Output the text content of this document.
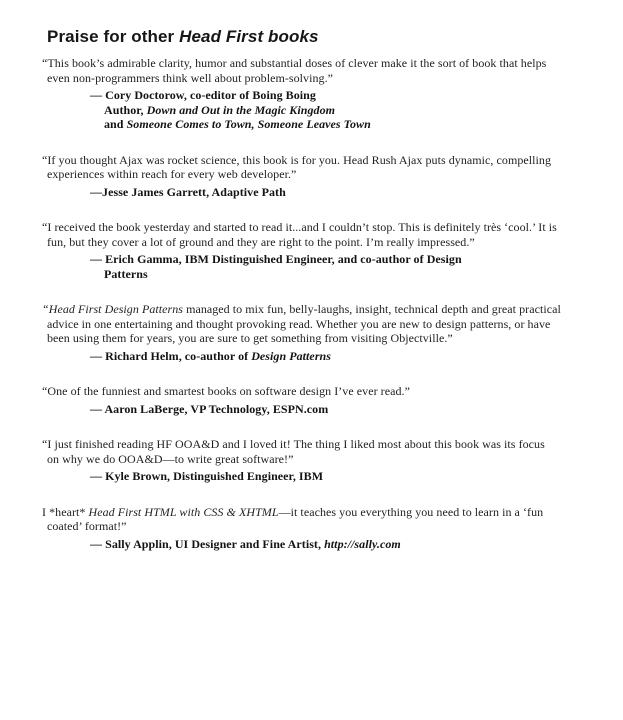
Praise for other Head First books
“This book’s admirable clarity, humor and substantial doses of clever make it the sort of book that helps
even non-programmers think well about problem-solving.”
— Cory Doctorow, co-editor of Boing Boing
Author, Down and Out in the Magic Kingdom
and Someone Comes to Town, Someone Leaves Town
“If you thought Ajax was rocket science, this book is for you. Head Rush Ajax puts dynamic, compelling
experiences within reach for every web developer.”
—Jesse James Garrett, Adaptive Path
“I received the book yesterday and started to read it...and I couldn’t stop. This is definitely très ‘cool.’ It is
fun, but they cover a lot of ground and they are right to the point. I’m really impressed.”
— Erich Gamma, IBM Distinguished Engineer, and co-author of Design
Patterns
“Head First Design Patterns managed to mix fun, belly-laughs, insight, technical depth and great practical
advice in one entertaining and thought provoking read. Whether you are new to design patterns, or have
been using them for years, you are sure to get something from visiting Objectville.”
— Richard Helm, co-author of Design Patterns
“One of the funniest and smartest books on software design I’ve ever read.”
— Aaron LaBerge, VP Technology, ESPN.com
“I just finished reading HF OOA&D and I loved it! The thing I liked most about this book was its focus
on why we do OOA&D—to write great software!”
— Kyle Brown, Distinguished Engineer, IBM
I *heart* Head First HTML with CSS & XHTML—it teaches you everything you need to learn in a ‘fun
coated’ format!”
— Sally Applin, UI Designer and Fine Artist, http://sally.com
